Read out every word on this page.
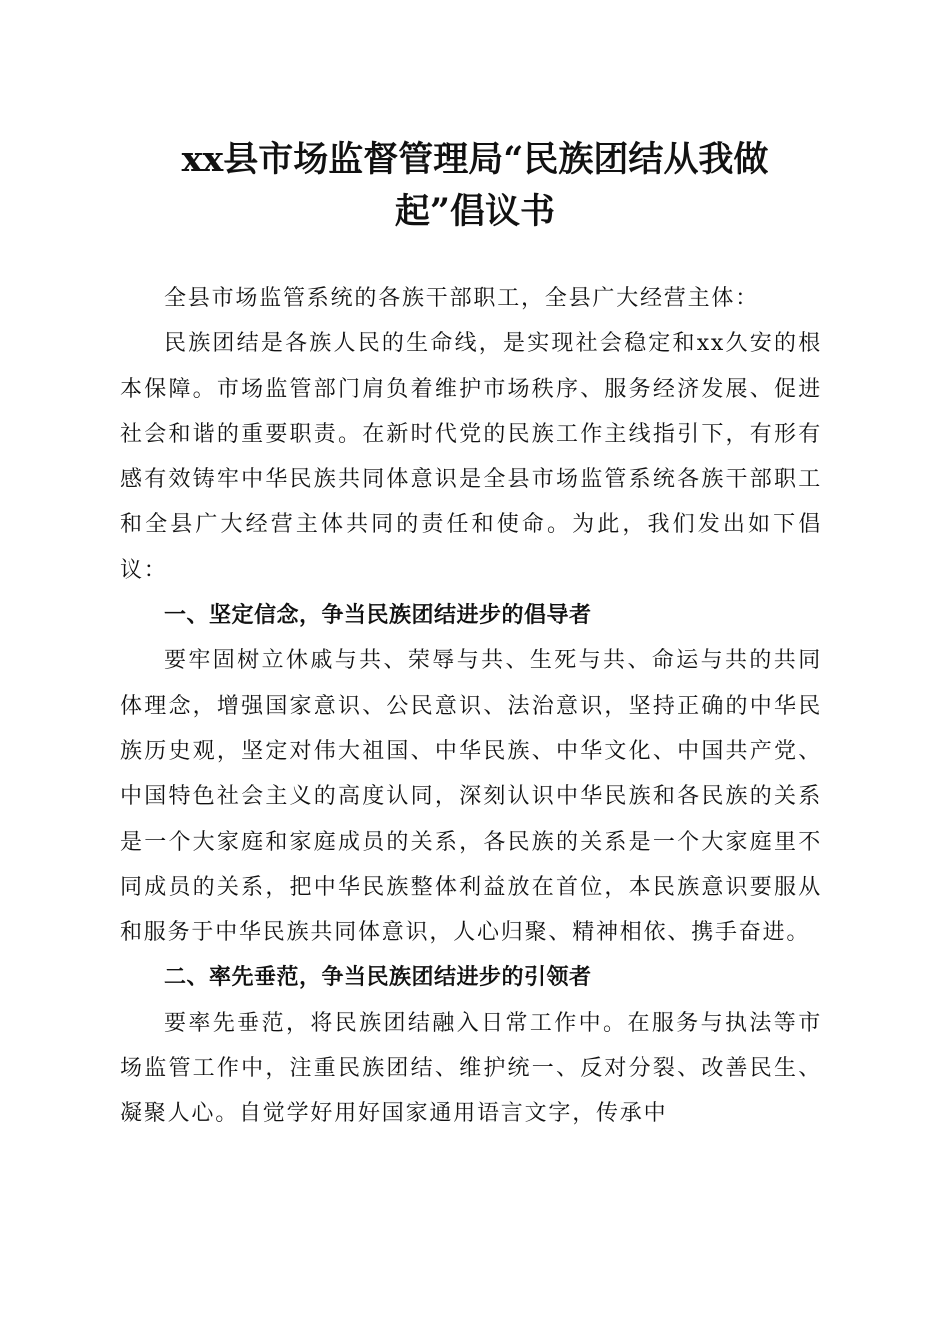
xx县市场监督管理局“民族团结从我做
起”倡议书

全县市场监管系统的各族干部职工，全县广大经营主体：

民族团结是各族人民的生命线，是实现社会稳定和xx久安的根本保障。市场监管部门肩负着维护市场秩序、服务经济发展、促进社会和谐的重要职责。在新时代党的民族工作主线指引下，有形有感有效铸牢中华民族共同体意识是全县市场监管系统各族干部职工和全县广大经营主体共同的责任和使命。为此，我们发出如下倡议：

一、坚定信念，争当民族团结进步的倡导者

要牢固树立休戚与共、荣辱与共、生死与共、命运与共的共同体理念，增强国家意识、公民意识、法治意识，坚持正确的中华民族历史观，坚定对伟大祖国、中华民族、中华文化、中国共产党、中国特色社会主义的高度认同，深刻认识中华民族和各民族的关系是一个大家庭和家庭成员的关系，各民族的关系是一个大家庭里不同成员的关系，把中华民族整体利益放在首位，本民族意识要服从和服务于中华民族共同体意识，人心归聚、精神相依、携手奋进。

二、率先垂范，争当民族团结进步的引领者

要率先垂范，将民族团结融入日常工作中。在服务与执法等市场监管工作中，注重民族团结、维护统一、反对分裂、改善民生、凝聚人心。自觉学好用好国家通用语言文字，传承中
